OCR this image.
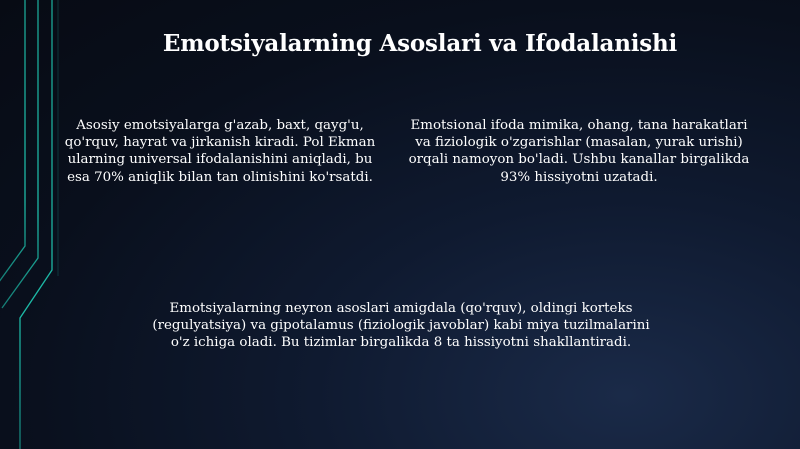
Emotsiyalarning Asoslari va Ifodalanishi

Asosiy emotsiyalarga g'azab, baxt, qayg'u, qo'rquv, hayrat va jirkanish kiradi. Pol Ekman ularning universal ifodalanishini aniqladi, bu esa 70% aniqlik bilan tan olinishini ko'rsatdi.

Emotsional ifoda mimika, ohang, tana harakatlari va fiziologik o'zgarishlar (masalan, yurak urishi) orqali namoyon bo'ladi. Ushbu kanallar birgalikda 93% hissiyotni uzatadi.

Emotsiyalarning neyron asoslari amigdala (qo'rquv), oldingi korteks (regulyatsiya) va gipotalamus (fiziologik javoblar) kabi miya tuzilmalarini o'z ichiga oladi. Bu tizimlar birgalikda 8 ta hissiyotni shakllantiradi.
